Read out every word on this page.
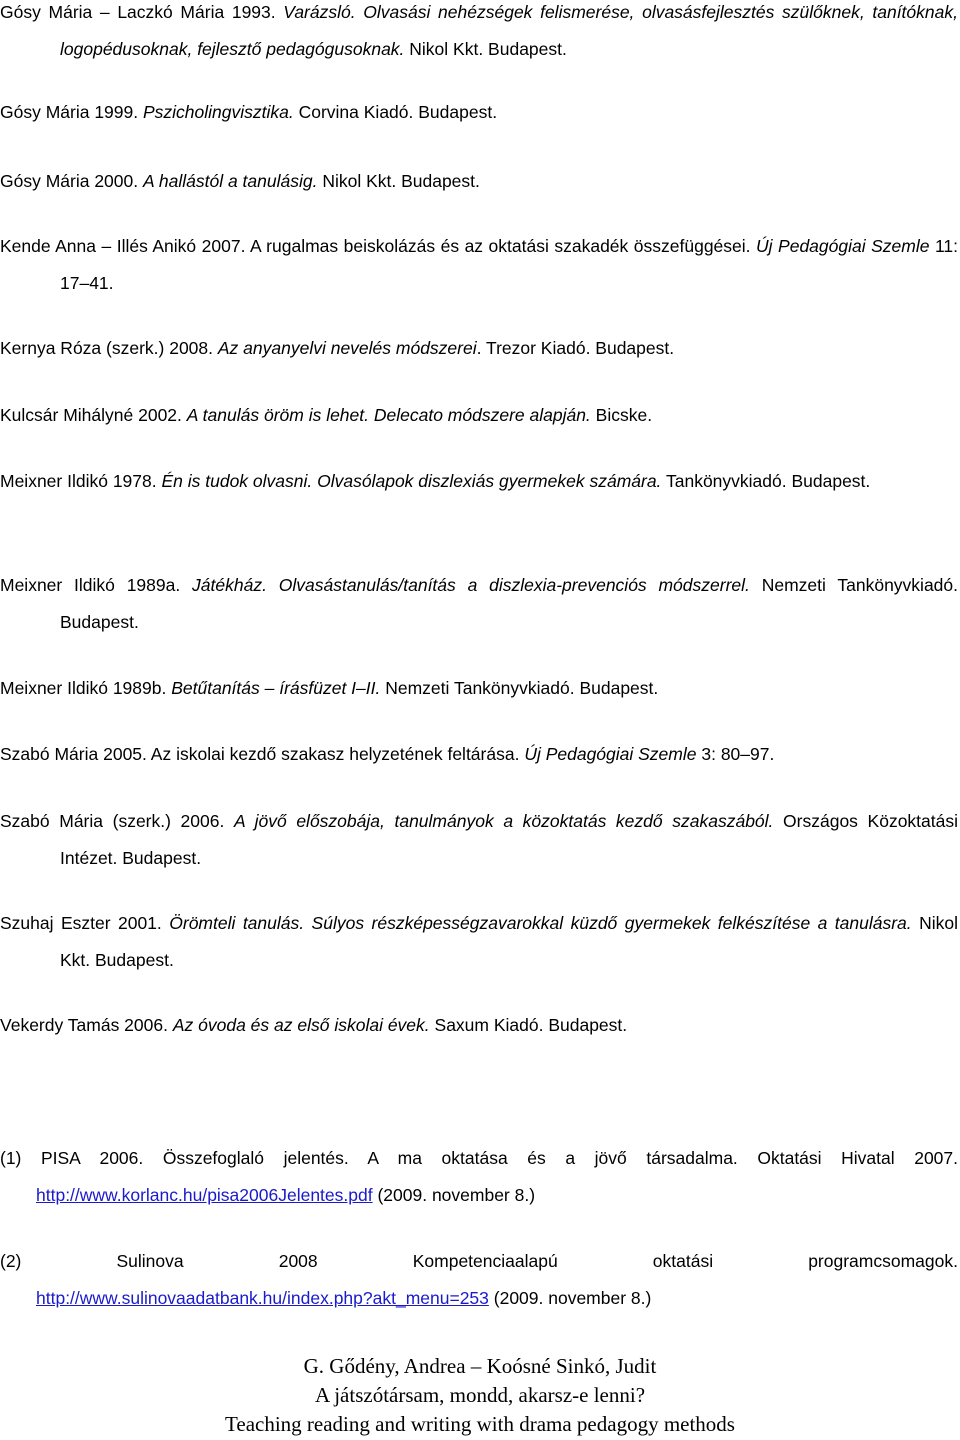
Gósy Mária – Laczkó Mária 1993. Varázsló. Olvasási nehézségek felismerése, olvasásfejlesztés szülőknek, tanítóknak, logopédusoknak, fejlesztő pedagógusoknak. Nikol Kkt. Budapest.
Gósy Mária 1999. Pszicholingvisztika. Corvina Kiadó. Budapest.
Gósy Mária 2000. A hallástól a tanulásig. Nikol Kkt. Budapest.
Kende Anna – Illés Anikó 2007. A rugalmas beiskolázás és az oktatási szakadék összefüggései. Új Pedagógiai Szemle 11: 17–41.
Kernya Róza (szerk.) 2008. Az anyanyelvi nevelés módszerei. Trezor Kiadó. Budapest.
Kulcsár Mihályné 2002. A tanulás öröm is lehet. Delecato módszere alapján. Bicske.
Meixner Ildikó 1978. Én is tudok olvasni. Olvasólapok diszlexiás gyermekek számára. Tankönyvkiadó. Budapest.
Meixner Ildikó 1989a. Játékház. Olvasástanulás/tanítás a diszlexia-prevenciós módszerrel. Nemzeti Tankönyvkiadó. Budapest.
Meixner Ildikó 1989b. Betűtanítás – írásfüzet I–II. Nemzeti Tankönyvkiadó. Budapest.
Szabó Mária 2005. Az iskolai kezdő szakasz helyzetének feltárása. Új Pedagógiai Szemle 3: 80–97.
Szabó Mária (szerk.) 2006. A jövő előszobája, tanulmányok a közoktatás kezdő szakaszából. Országos Közoktatási Intézet. Budapest.
Szuhaj Eszter 2001. Örömteli tanulás. Súlyos részképességzavarokkal küzdő gyermekek felkészítése a tanulásra. Nikol Kkt. Budapest.
Vekerdy Tamás 2006. Az óvoda és az első iskolai évek. Saxum Kiadó. Budapest.
(1) PISA 2006. Összefoglaló jelentés. A ma oktatása és a jövő társadalma. Oktatási Hivatal 2007.
http://www.korlanc.hu/pisa2006Jelentes.pdf (2009. november 8.)
(2) Sulinova 2008 Kompetenciaalapú oktatási programcsomagok.
http://www.sulinovaadatbank.hu/index.php?akt_menu=253 (2009. november 8.)
G. Gődény, Andrea – Koósné Sinkó, Judit
A játszótársam, mondd, akarsz-e lenni?
Teaching reading and writing with drama pedagogy methods
